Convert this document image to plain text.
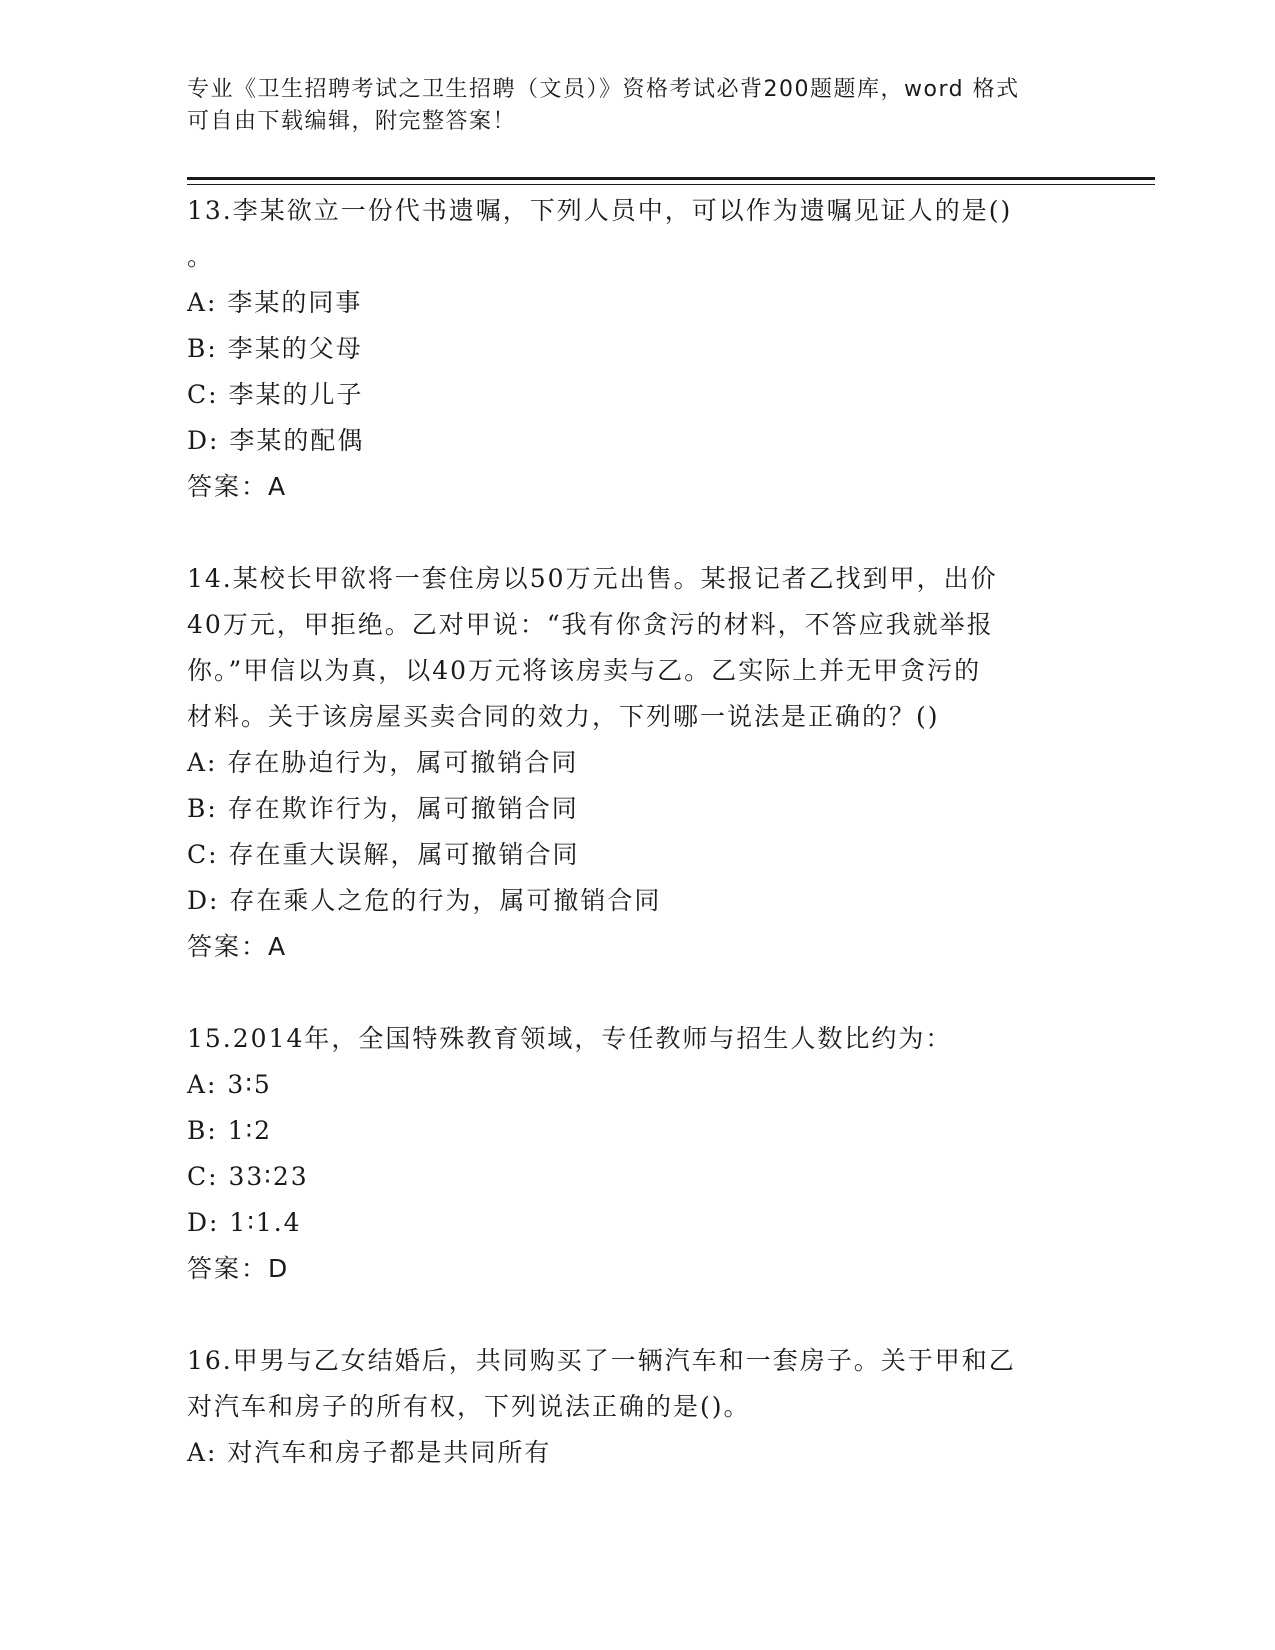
专业《卫生招聘考试之卫生招聘（文员）》资格考试必背200题题库，word 格式
可自由下载编辑，附完整答案！
13.李某欲立一份代书遗嘱，下列人员中，可以作为遗嘱见证人的是()
。
A: 李某的同事
B: 李某的父母
C: 李某的儿子
D: 李某的配偶
答案：A
14.某校长甲欲将一套住房以50万元出售。某报记者乙找到甲，出价
40万元，甲拒绝。乙对甲说：“我有你贪污的材料，不答应我就举报
你。”甲信以为真，以40万元将该房卖与乙。乙实际上并无甲贪污的
材料。关于该房屋买卖合同的效力，下列哪一说法是正确的？()
A: 存在胁迫行为，属可撤销合同
B: 存在欺诈行为，属可撤销合同
C: 存在重大误解，属可撤销合同
D: 存在乘人之危的行为，属可撤销合同
答案：A
15.2014年，全国特殊教育领域，专任教师与招生人数比约为：
A: 3∶5
B: 1∶2
C: 33∶23
D: 1∶1.4
答案：D
16.甲男与乙女结婚后，共同购买了一辆汽车和一套房子。关于甲和乙
对汽车和房子的所有权，下列说法正确的是()。
A: 对汽车和房子都是共同所有
